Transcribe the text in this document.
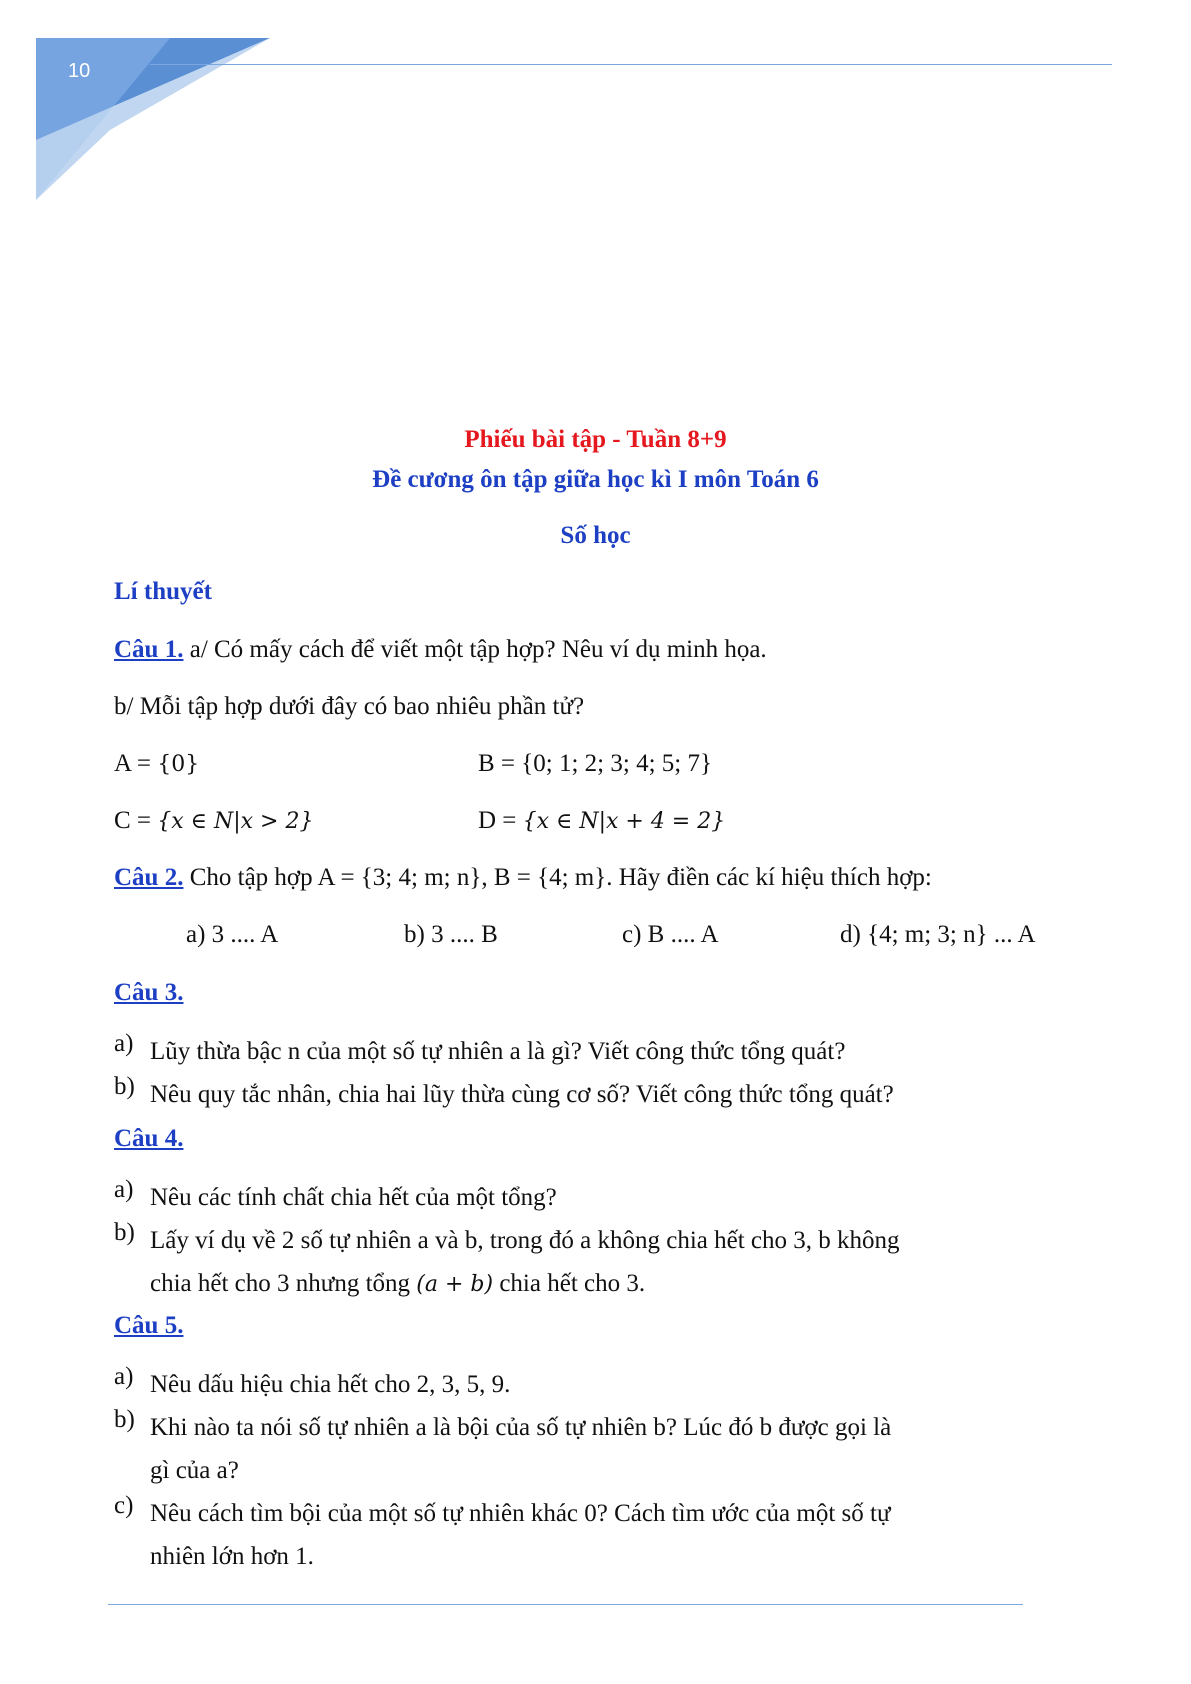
10
Phiếu bài tập - Tuần 8+9
Đề cương ôn tập giữa học kì I môn Toán 6
Số học
Lí thuyết
Câu 1. a/ Có mấy cách để viết một tập hợp? Nêu ví dụ minh họa.
b/ Mỗi tập hợp dưới đây có bao nhiêu phần tử?
A = {0}	B = {0; 1; 2; 3; 4; 5; 7}
C = {x ∈ N|x > 2}	D = {x ∈ N|x + 4 = 2}
Câu 2. Cho tập hợp A = {3; 4; m; n}, B = {4; m}. Hãy điền các kí hiệu thích hợp:
a) 3 .... A	b) 3 .... B	c) B .... A	d) {4; m; 3; n} ... A
Câu 3.
a) Lũy thừa bậc n của một số tự nhiên a là gì? Viết công thức tổng quát?
b) Nêu quy tắc nhân, chia hai lũy thừa cùng cơ số? Viết công thức tổng quát?
Câu 4.
a) Nêu các tính chất chia hết của một tổng?
b) Lấy ví dụ về 2 số tự nhiên a và b, trong đó a không chia hết cho 3, b không
chia hết cho 3 nhưng tổng (a + b) chia hết cho 3.
Câu 5.
a) Nêu dấu hiệu chia hết cho 2, 3, 5, 9.
b) Khi nào ta nói số tự nhiên a là bội của số tự nhiên b? Lúc đó b được gọi là
gì của a?
c) Nêu cách tìm bội của một số tự nhiên khác 0? Cách tìm ước của một số tự
nhiên lớn hơn 1.
